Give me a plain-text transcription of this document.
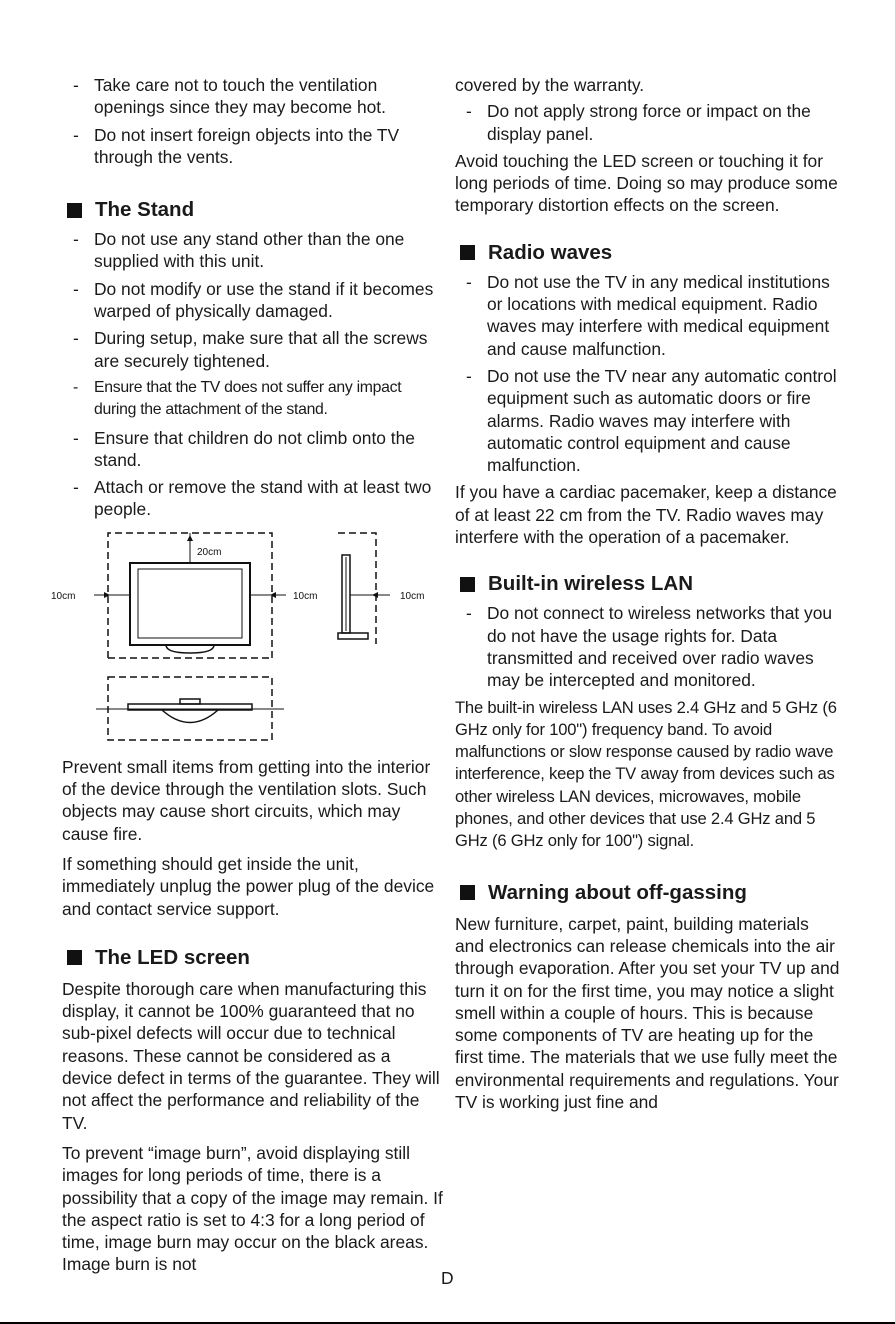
- Take care not to touch the ventilation openings since they may become hot.
- Do not insert foreign objects into the TV through the vents.
The Stand
- Do not use any stand other than the one supplied with this unit.
- Do not modify or use the stand if it becomes warped of physically damaged.
- During setup, make sure that all the screws are securely tightened.
- Ensure that the TV does not suffer any impact during the attachment of the stand.
- Ensure that children do not climb onto the stand.
- Attach or remove the stand with at least two people.
20cm
10cm	10cm	10cm

Prevent small items from getting into the interior of the device through the ventilation slots. Such objects may cause short circuits, which may cause fire.

If something should get inside the unit, immediately unplug the power plug of the device and contact service support.

The LED screen

Despite thorough care when manufacturing this display, it cannot be 100% guaranteed that no sub-pixel defects will occur due to technical reasons. These cannot be considered as a device defect in terms of the guarantee. They will not affect the performance and reliability of the TV.

To prevent “image burn”, avoid displaying still images for long periods of time, there is a possibility that a copy of the image may remain. If the aspect ratio is set to 4:3 for a long period of time, image burn may occur on the black areas. Image burn is not

covered by the warranty.

- Do not apply strong force or impact on the display panel.

Avoid touching the LED screen or touching it for long periods of time. Doing so may produce some temporary distortion effects on the screen.

Radio waves
- Do not use the TV in any medical institutions or locations with medical equipment. Radio waves may interfere with medical equipment and cause malfunction.
- Do not use the TV near any automatic control equipment such as automatic doors or fire alarms. Radio waves may interfere with automatic control equipment and cause malfunction.

If you have a cardiac pacemaker, keep a distance of at least 22 cm from the TV. Radio waves may interfere with the operation of a pacemaker.

Built-in wireless LAN
- Do not connect to wireless networks that you do not have the usage rights for. Data transmitted and received over radio waves may be intercepted and monitored.

The built-in wireless LAN uses 2.4 GHz and 5 GHz (6 GHz only for 100") frequency band. To avoid malfunctions or slow response caused by radio wave interference, keep the TV away from devices such as other wireless LAN devices, microwaves, mobile phones, and other devices that use 2.4 GHz and 5 GHz (6 GHz only for 100") signal.

Warning about off-gassing

New furniture, carpet, paint, building materials and electronics can release chemicals into the air through evaporation. After you set your TV up and turn it on for the first time, you may notice a slight smell within a couple of hours. This is because some components of TV are heating up for the first time. The materials that we use fully meet the environmental requirements and regulations. Your TV is working just fine and

D
